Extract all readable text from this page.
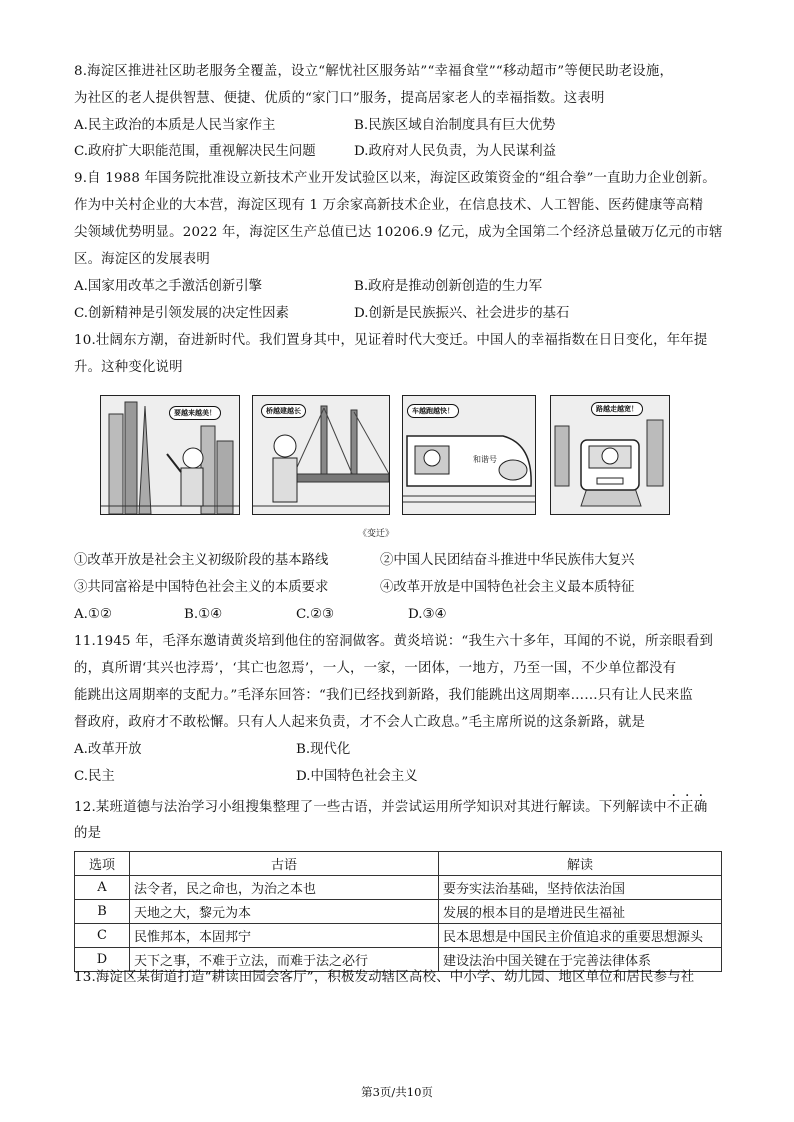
8.海淀区推进社区助老服务全覆盖，设立“解忧社区服务站”“幸福食堂”“移动超市”等便民助老设施，
为社区的老人提供智慧、便捷、优质的“家门口”服务，提高居家老人的幸福指数。这表明
A.民主政治的本质是人民当家作主	B.民族区域自治制度具有巨大优势
C.政府扩大职能范围，重视解决民生问题	D.政府对人民负责，为人民谋利益
9.自 1988 年国务院批准设立新技术产业开发试验区以来，海淀区政策资金的“组合拳”一直助力企业创新。
作为中关村企业的大本营，海淀区现有 1 万余家高新技术企业，在信息技术、人工智能、医药健康等高精
尖领域优势明显。2022 年，海淀区生产总值已达 10206.9 亿元，成为全国第二个经济总量破万亿元的市辖
区。海淀区的发展表明
A.国家用改革之手激活创新引擎	B.政府是推动创新创造的生力军
C.创新精神是引领发展的决定性因素	D.创新是民族振兴、社会进步的基石
10.壮阔东方潮，奋进新时代。我们置身其中，见证着时代大变迁。中国人的幸福指数在日日变化，年年提
升。这种变化说明
要越来越美！	桥越建越长	车越跑越快！
和谐号
路越走越宽！
《变迁》
①改革开放是社会主义初级阶段的基本路线	②中国人民团结奋斗推进中华民族伟大复兴
③共同富裕是中国特色社会主义的本质要求	④改革开放是中国特色社会主义最本质特征
A.①②	B.①④	C.②③	D.③④
11.1945 年，毛泽东邀请黄炎培到他住的窑洞做客。黄炎培说：“我生六十多年，耳闻的不说，所亲眼看到
的，真所谓‘其兴也浡焉’，‘其亡也忽焉’，一人，一家，一团体，一地方，乃至一国，不少单位都没有
能跳出这周期率的支配力。”毛泽东回答：“我们已经找到新路，我们能跳出这周期率……只有让人民来监
督政府，政府才不敢松懈。只有人人起来负责，才不会人亡政息。”毛主席所说的这条新路，就是
A.改革开放	B.现代化
C.民主	D.中国特色社会主义
12.某班道德与法治学习小组搜集整理了一些古语，并尝试运用所学知识对其进行解读。下列解读中不正确
的是
选项	古语	解读
A	法令者，民之命也，为治之本也	要夯实法治基础，坚持依法治国
B	天地之大，黎元为本	发展的根本目的是增进民生福祉
C	民惟邦本，本固邦宁	民本思想是中国民主价值追求的重要思想源头
D	天下之事，不难于立法，而难于法之必行	建设法治中国关键在于完善法律体系
13.海淀区某街道打造“耕读田园会客厅”，积极发动辖区高校、中小学、幼儿园、地区单位和居民参与社
第3页/共10页
